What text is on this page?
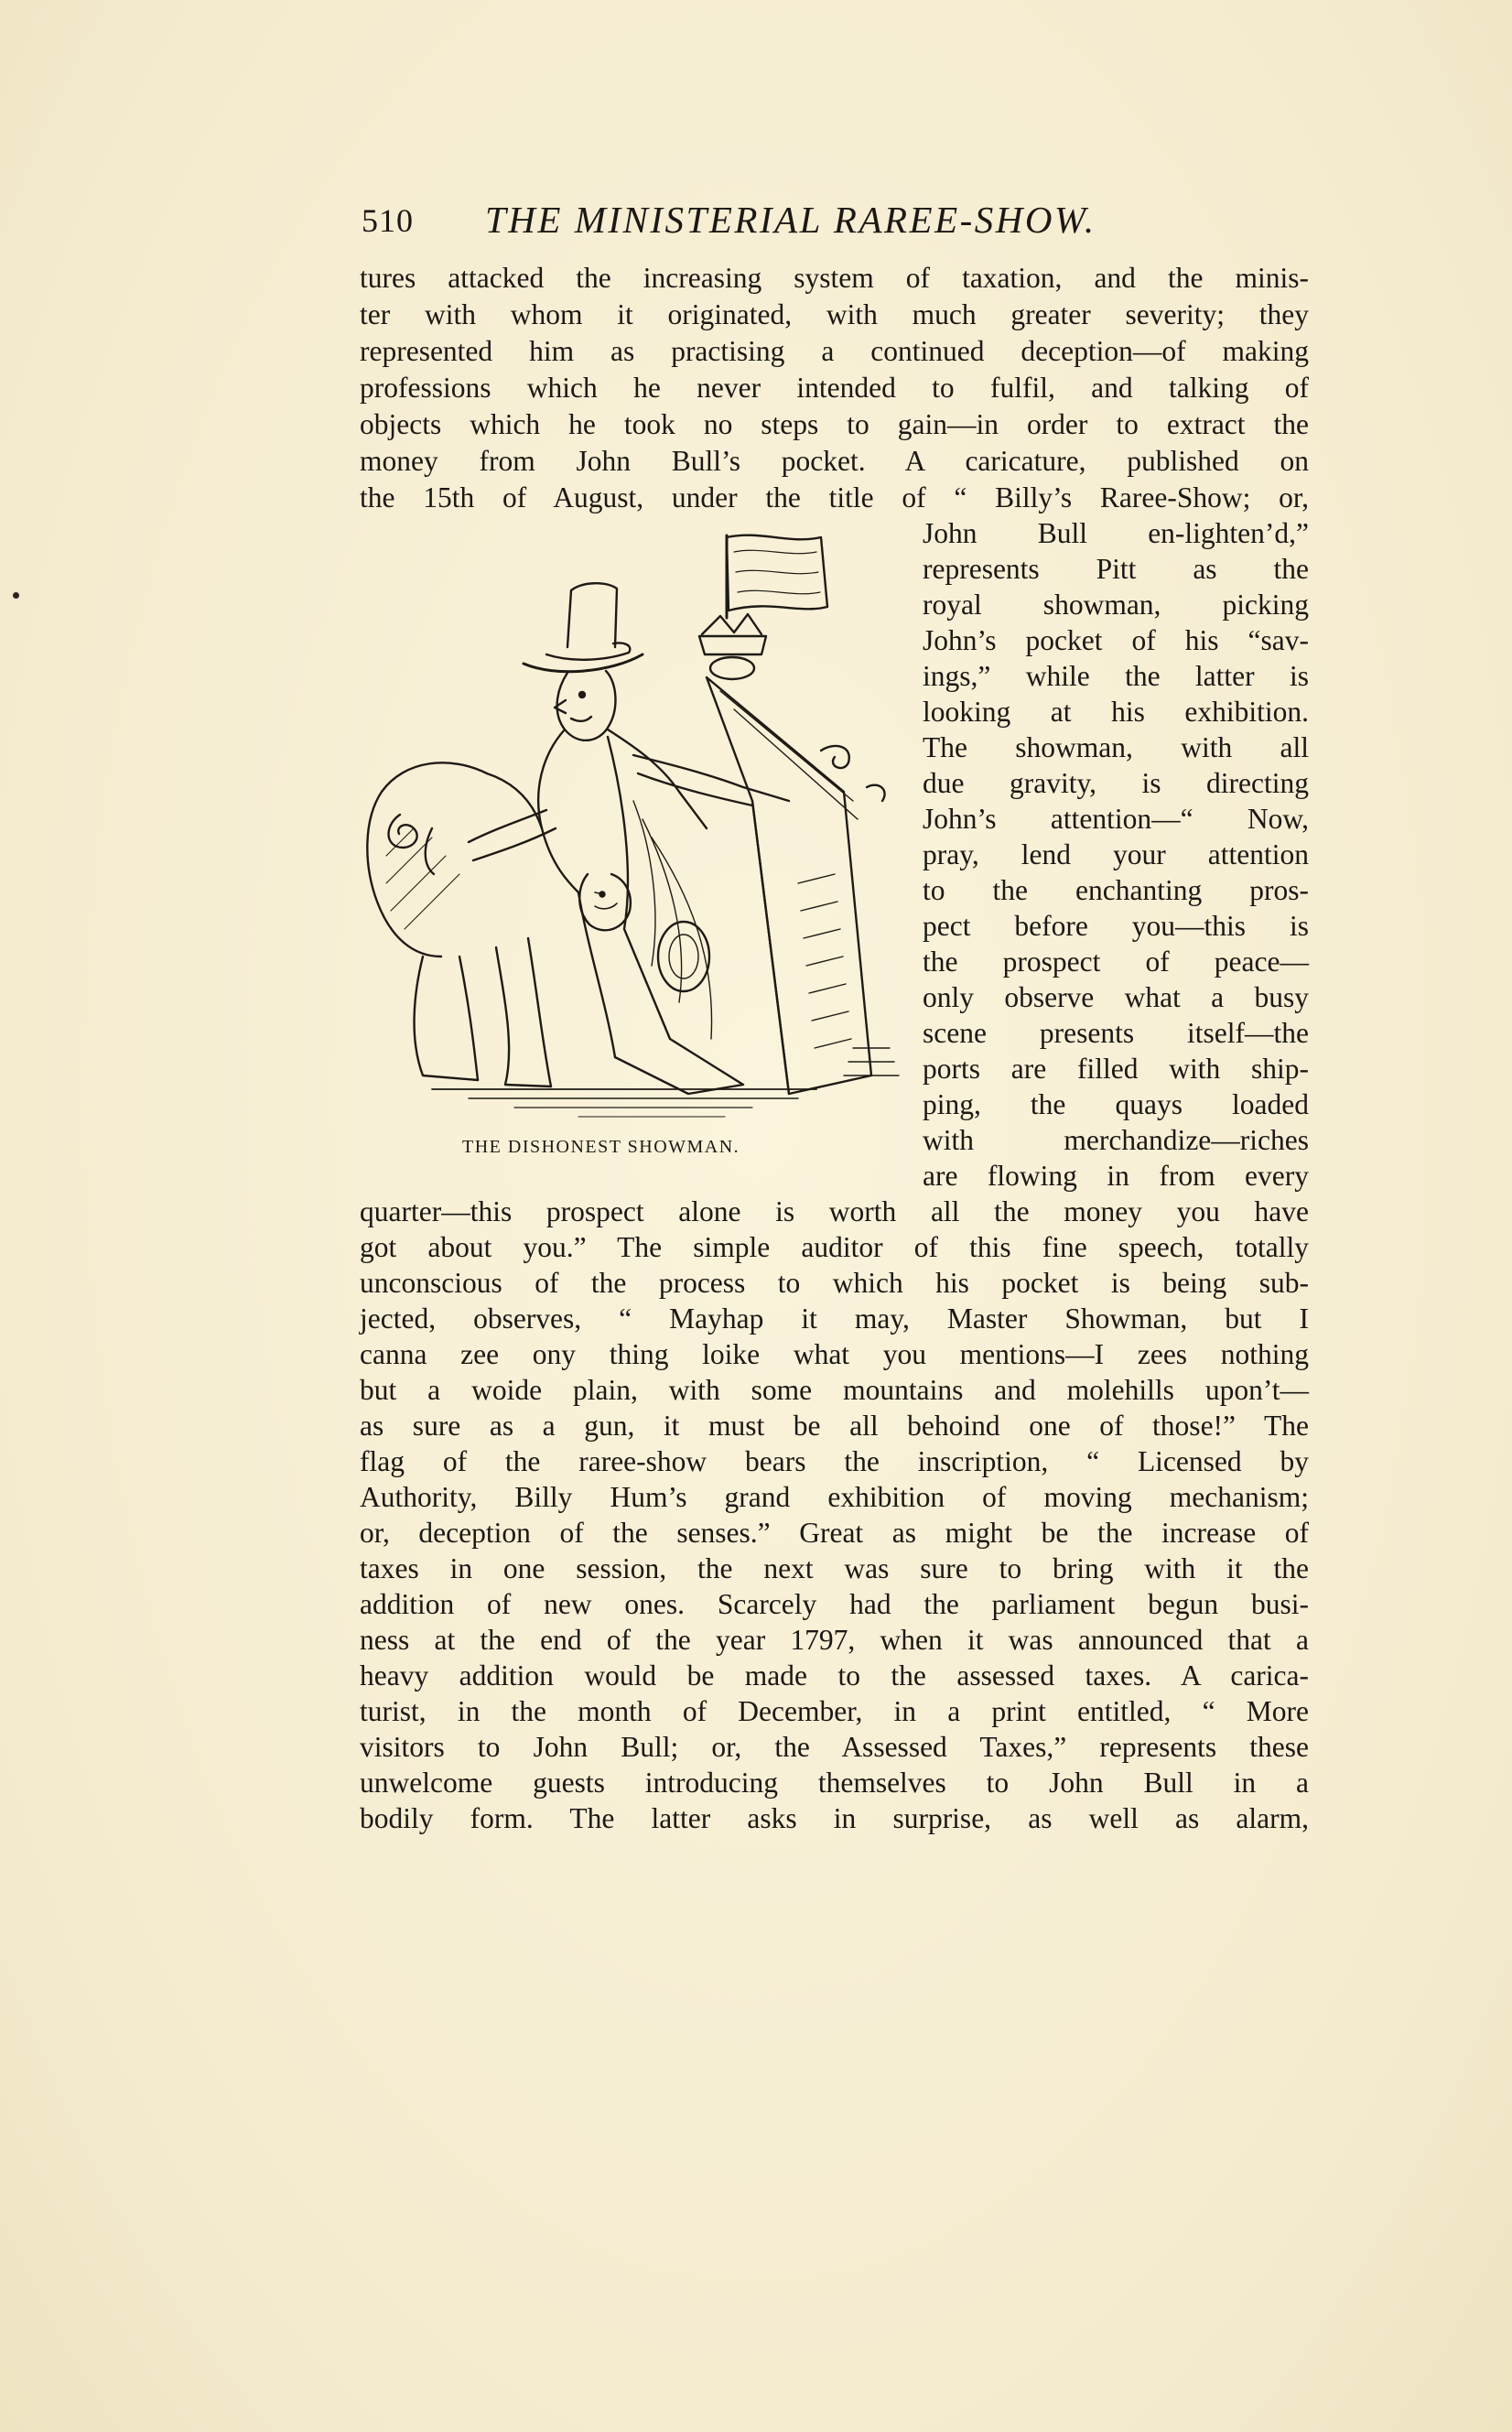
510 THE MINISTERIAL RAREE-SHOW.
tures attacked the increasing system of taxation, and the minis-
ter with whom it originated, with much greater severity; they
represented him as practising a continued deception—of making
professions which he never intended to fulfil, and talking of
objects which he took no steps to gain—in order to extract the
money from John Bull’s pocket. A caricature, published on
the 15th of August, under the title of “ Billy’s Raree-Show; or,
John Bull en-lighten’d,”
represents Pitt as the
royal showman, picking
John’s pocket of his “sav-
ings,” while the latter is
looking at his exhibition.
The showman, with all
due gravity, is directing
John’s attention—“ Now,
pray, lend your attention
to the enchanting pros-
pect before you—this is
the prospect of peace—
only observe what a busy
scene presents itself—the
ports are filled with ship-
ping, the quays loaded
with merchandize—riches
are flowing in from every
THE DISHONEST SHOWMAN.
quarter—this prospect alone is worth all the money you have
got about you.” The simple auditor of this fine speech, totally
unconscious of the process to which his pocket is being sub-
jected, observes, “ Mayhap it may, Master Showman, but I
canna zee ony thing loike what you mentions—I zees nothing
but a woide plain, with some mountains and molehills upon’t—
as sure as a gun, it must be all behoind one of those!” The
flag of the raree-show bears the inscription, “ Licensed by
Authority, Billy Hum’s grand exhibition of moving mechanism;
or, deception of the senses.” Great as might be the increase of
taxes in one session, the next was sure to bring with it the
addition of new ones. Scarcely had the parliament begun busi-
ness at the end of the year 1797, when it was announced that a
heavy addition would be made to the assessed taxes. A carica-
turist, in the month of December, in a print entitled, “ More
visitors to John Bull; or, the Assessed Taxes,” represents these
unwelcome guests introducing themselves to John Bull in a
bodily form. The latter asks in surprise, as well as alarm,
